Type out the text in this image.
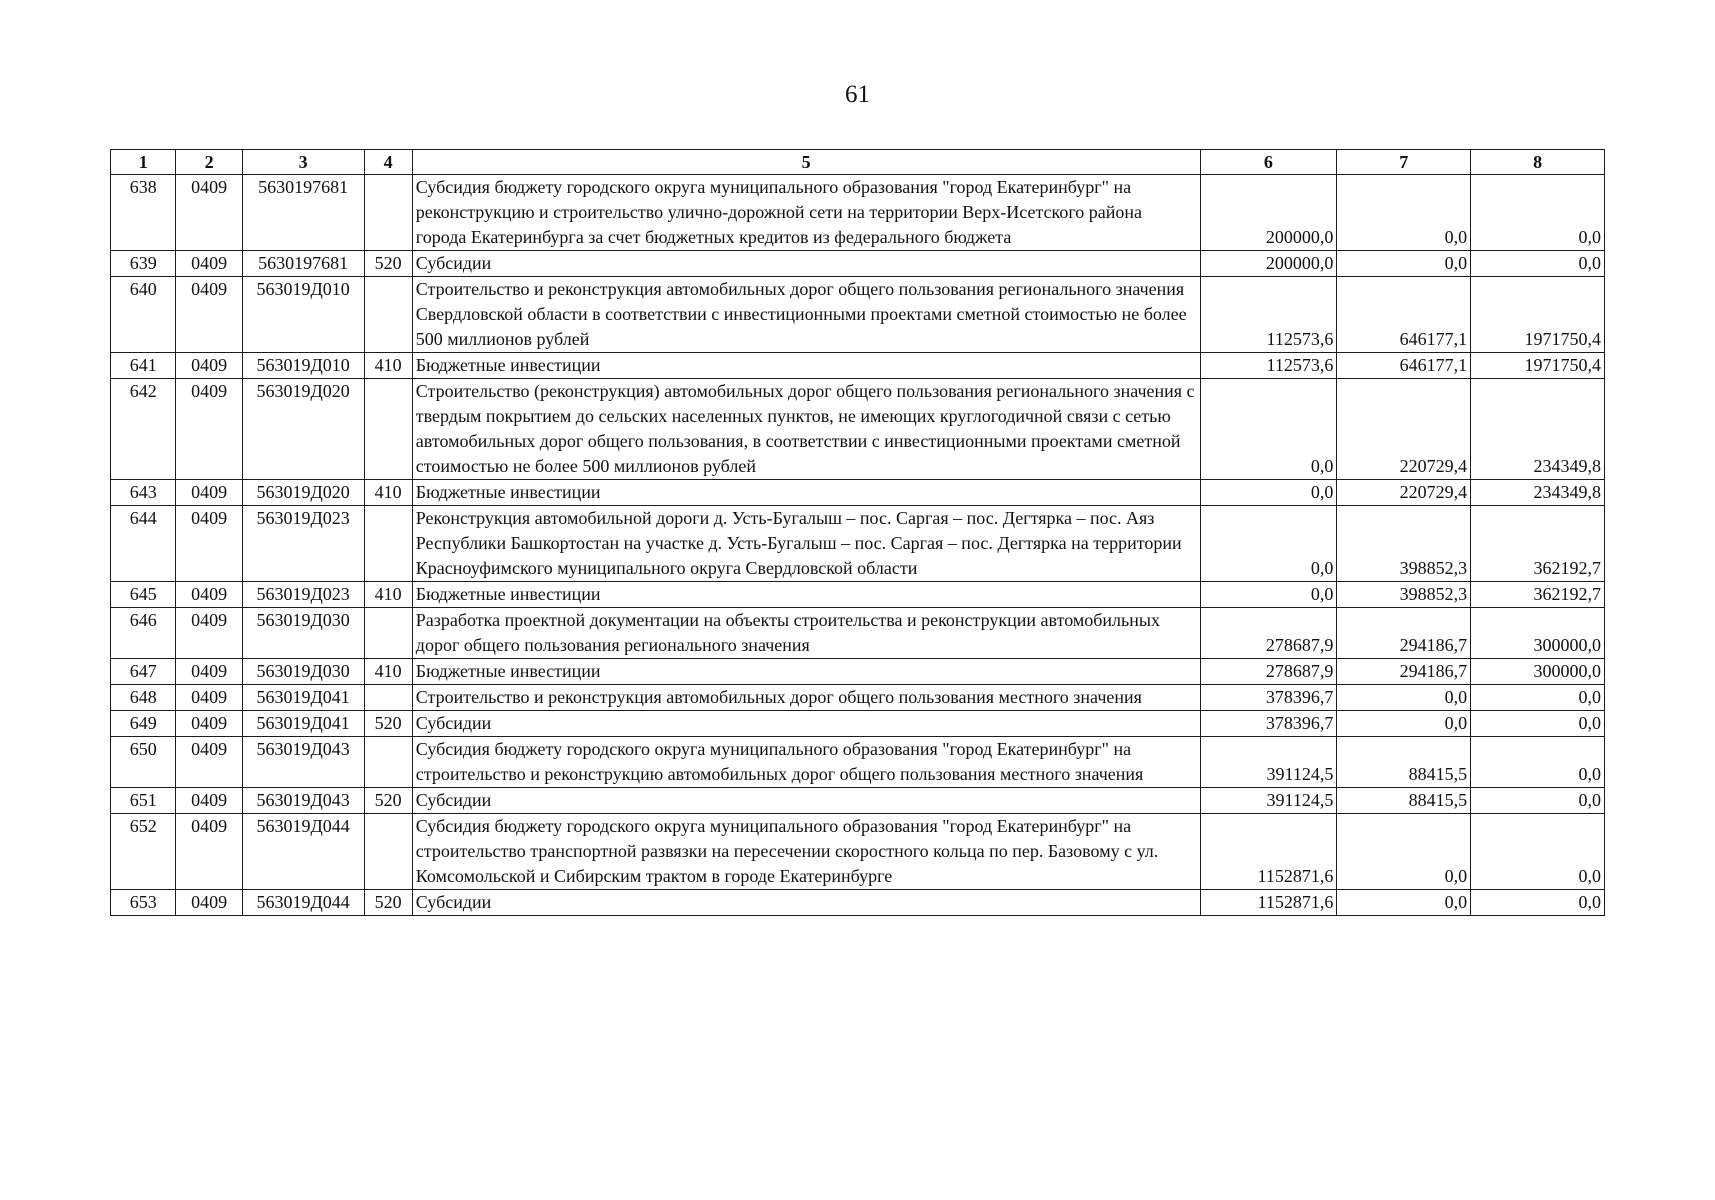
61
1	2	3	4	5	6	7	8
638	0409	5630197681		Субсидия бюджету городского округа муниципального образования "город Екатеринбург" на реконструкцию и строительство улично-дорожной сети на территории Верх-Исетского района города Екатеринбурга за счет бюджетных кредитов из федерального бюджета	200000,0	0,0	0,0
639	0409	5630197681	520	Субсидии	200000,0	0,0	0,0
640	0409	563019Д010		Строительство и реконструкция автомобильных дорог общего пользования регионального значения Свердловской области в соответствии с инвестиционными проектами сметной стоимостью не более 500 миллионов рублей	112573,6	646177,1	1971750,4
641	0409	563019Д010	410	Бюджетные инвестиции	112573,6	646177,1	1971750,4
642	0409	563019Д020		Строительство (реконструкция) автомобильных дорог общего пользования регионального значения с твердым покрытием до сельских населенных пунктов, не имеющих круглогодичной связи с сетью автомобильных дорог общего пользования, в соответствии с инвестиционными проектами сметной стоимостью не более 500 миллионов рублей	0,0	220729,4	234349,8
643	0409	563019Д020	410	Бюджетные инвестиции	0,0	220729,4	234349,8
644	0409	563019Д023		Реконструкция автомобильной дороги д. Усть-Бугалыш – пос. Саргая – пос. Дегтярка – пос. Аяз Республики Башкортостан на участке д. Усть-Бугалыш – пос. Саргая – пос. Дегтярка на территории Красноуфимского муниципального округа Свердловской области	0,0	398852,3	362192,7
645	0409	563019Д023	410	Бюджетные инвестиции	0,0	398852,3	362192,7
646	0409	563019Д030		Разработка проектной документации на объекты строительства и реконструкции автомобильных дорог общего пользования регионального значения	278687,9	294186,7	300000,0
647	0409	563019Д030	410	Бюджетные инвестиции	278687,9	294186,7	300000,0
648	0409	563019Д041		Строительство и реконструкция автомобильных дорог общего пользования местного значения	378396,7	0,0	0,0
649	0409	563019Д041	520	Субсидии	378396,7	0,0	0,0
650	0409	563019Д043		Субсидия бюджету городского округа муниципального образования "город Екатеринбург" на строительство и реконструкцию автомобильных дорог общего пользования местного значения	391124,5	88415,5	0,0
651	0409	563019Д043	520	Субсидии	391124,5	88415,5	0,0
652	0409	563019Д044		Субсидия бюджету городского округа муниципального образования "город Екатеринбург" на строительство транспортной развязки на пересечении скоростного кольца по пер. Базовому с ул. Комсомольской и Сибирским трактом в городе Екатеринбурге	1152871,6	0,0	0,0
653	0409	563019Д044	520	Субсидии	1152871,6	0,0	0,0
